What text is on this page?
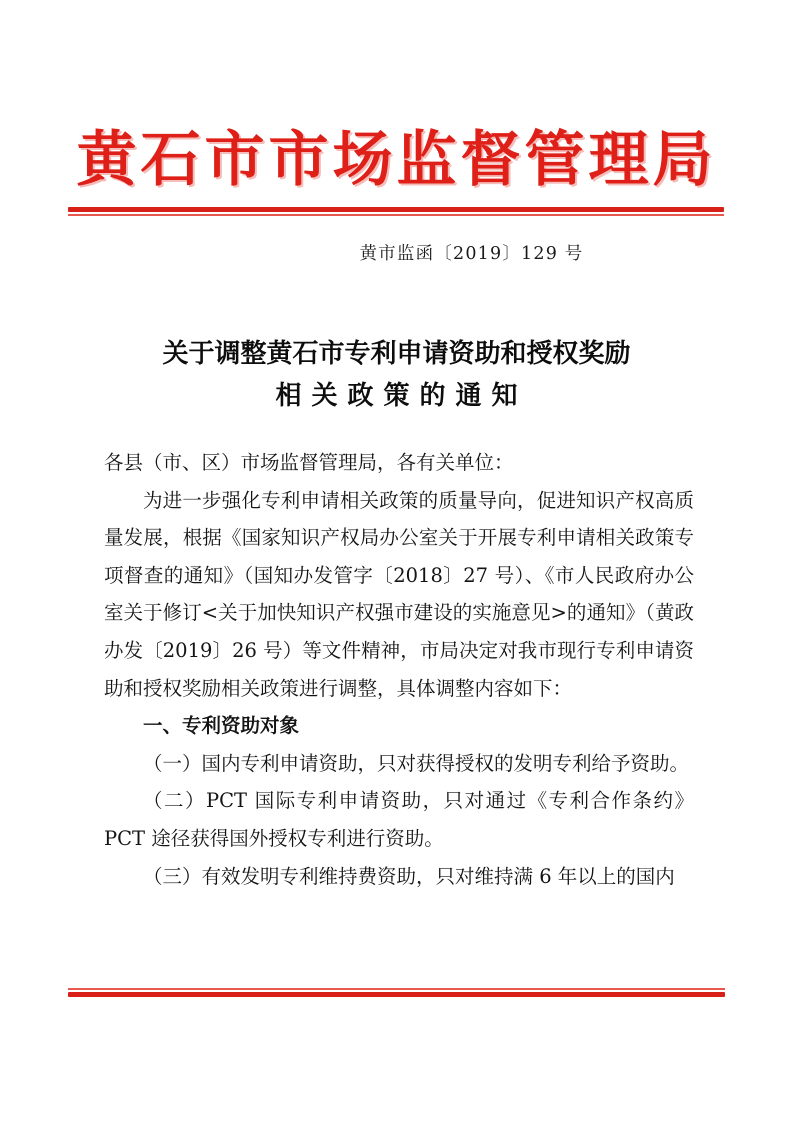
黄石市市场监督管理局
黄市监函〔2019〕129 号
关于调整黄石市专利申请资助和授权奖励
相关政策的通知

各县（市、区）市场监督管理局，各有关单位：

为进一步强化专利申请相关政策的质量导向，促进知识产权高质量发展，根据《国家知识产权局办公室关于开展专利申请相关政策专项督查的通知》（国知办发管字〔2018〕27 号）、《市人民政府办公室关于修订<关于加快知识产权强市建设的实施意见>的通知》（黄政办发〔2019〕26 号）等文件精神，市局决定对我市现行专利申请资助和授权奖励相关政策进行调整，具体调整内容如下：

一、专利资助对象

（一）国内专利申请资助，只对获得授权的发明专利给予资助。

（二）PCT 国际专利申请资助，只对通过《专利合作条约》PCT 途径获得国外授权专利进行资助。

（三）有效发明专利维持费资助，只对维持满 6 年以上的国内
